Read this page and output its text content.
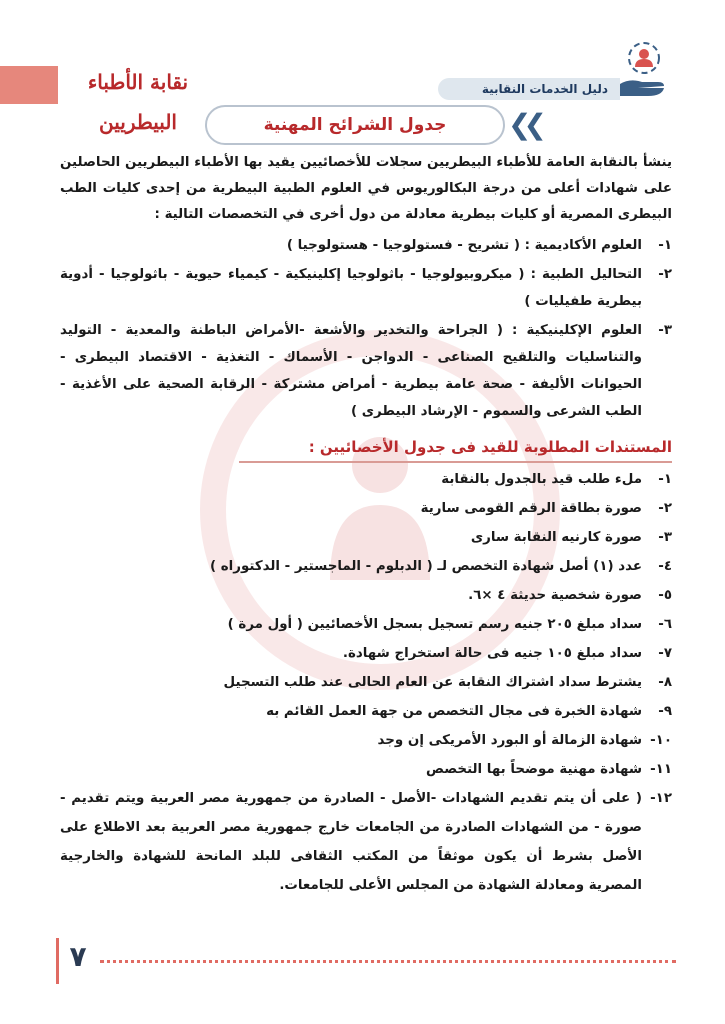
نقابة الأطباء البيطريين
دليل الخدمات النقابية
جدول الشرائح المهنية	❮❮

ينشأ بالنقابة العامة للأطباء البيطريين سجلات للأخصائيين يقيد بها الأطباء البيطريين الحاصلين على شهادات أعلى من درجة البكالوريوس في العلوم الطبية البيطرية من إحدى كليات الطب البيطرى المصرية أو كليات بيطرية معادلة من دول أخرى في التخصصات التالية :

١-
العلوم الأكاديمية : ( تشريح - فستولوجيا - هستولوجيا )
٢-
التحاليل الطبية : ( ميكروبيولوجيا - باثولوجيا إكلينيكية - كيمياء حيوية - باثولوجيا - أدوية بيطرية طفيليات )
٣-
العلوم الإكلينيكية : ( الجراحة والتخدير والأشعة -الأمراض الباطنة والمعدية - التوليد والتناسليات والتلقيح الصناعى - الدواجن - الأسماك - التغذية - الاقتصاد البيطرى - الحيوانات الأليفة - صحة عامة بيطرية - أمراض مشتركة - الرقابة الصحية على الأغذية - الطب الشرعى والسموم - الإرشاد البيطرى )
المستندات المطلوبة للقيد فى جدول الأخصائيين :
١-
ملء طلب قيد بالجدول بالنقابة
٢-
صورة بطاقة الرقم القومى سارية
٣-
صورة كارنيه النقابة سارى
٤-
عدد (١) أصل شهادة التخصص لـ ( الدبلوم - الماجستير - الدكتوراه )
٥-
صورة شخصية حديثة ٤ ×٦.
٦-
سداد مبلغ ٢٠٥ جنيه رسم تسجيل بسجل الأخصائيين ( أول مرة )
٧-
سداد مبلغ ١٠٥ جنيه فى حالة استخراج شهادة.
٨-
يشترط سداد اشتراك النقابة عن العام الحالى عند طلب التسجيل
٩-
شهادة الخبرة فى مجال التخصص من جهة العمل القائم به
١٠-
شهادة الزمالة أو البورد الأمريكى إن وجد
١١-
شهادة مهنية موضحاً بها التخصص
١٢-
( على أن يتم تقديم الشهادات -الأصل - الصادرة من جمهورية مصر العربية ويتم تقديم - صورة - من الشهادات الصادرة من الجامعات خارج جمهورية مصر العربية بعد الاطلاع على الأصل بشرط أن يكون موثقاً من المكتب الثقافى للبلد المانحة للشهادة والخارجية المصرية ومعادلة الشهادة من المجلس الأعلى للجامعات.
٧
